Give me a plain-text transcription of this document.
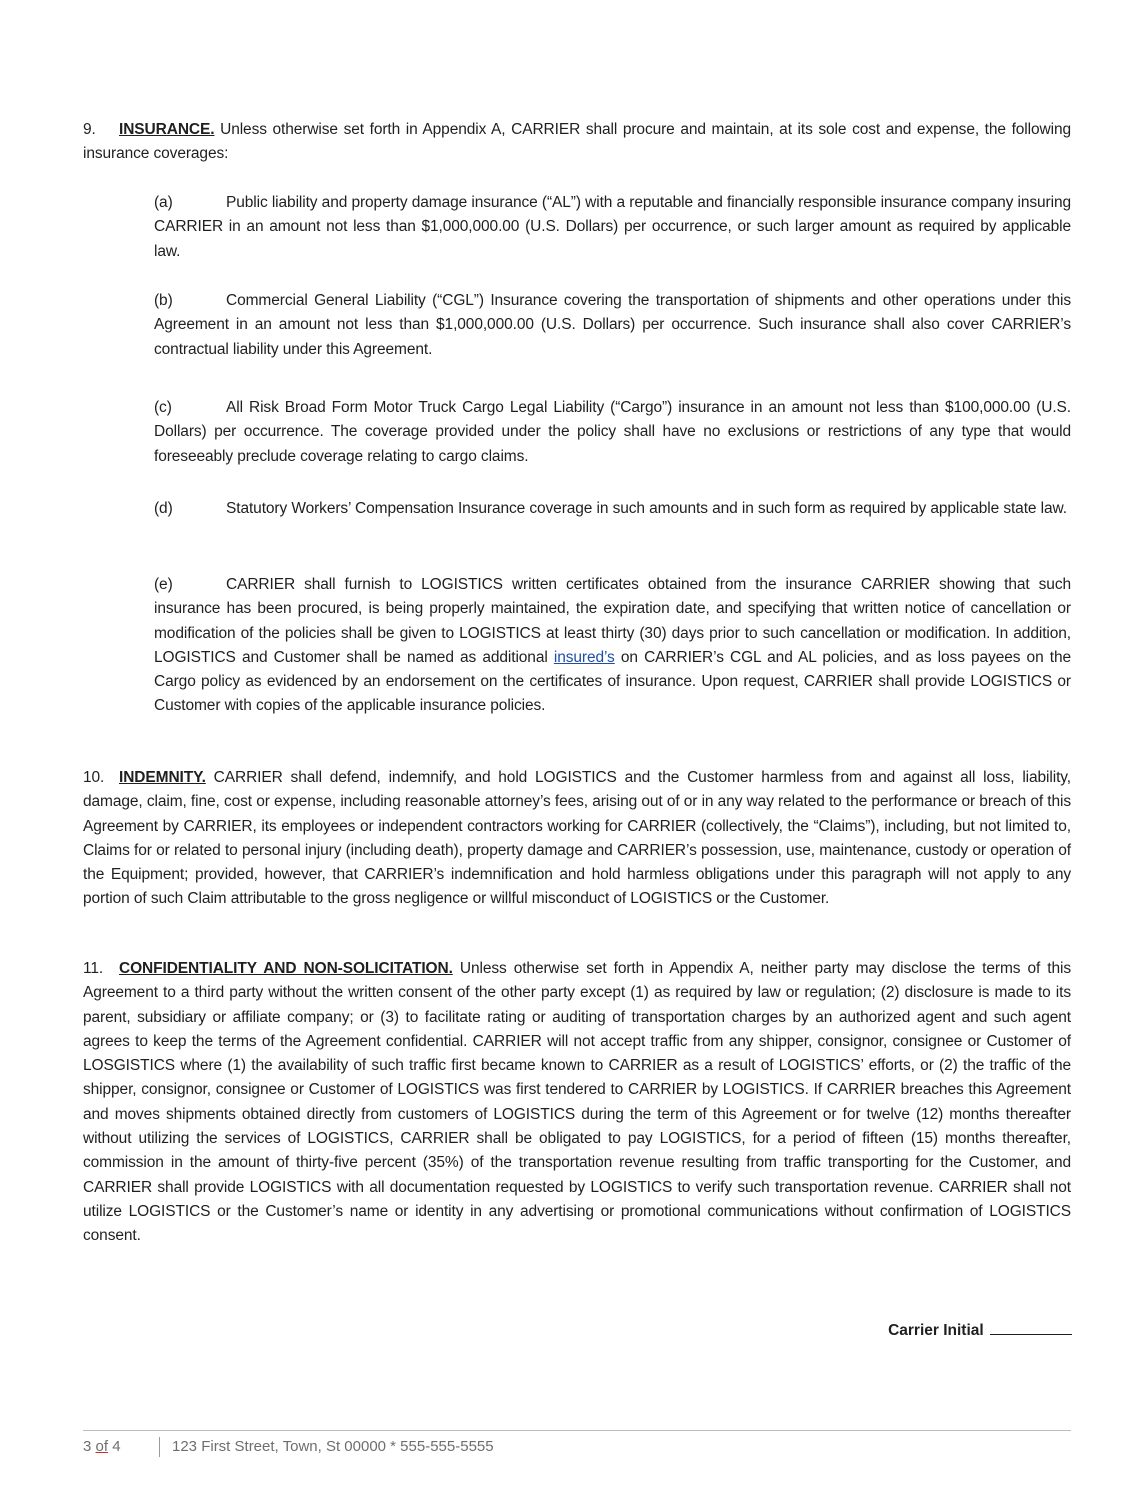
9. INSURANCE. Unless otherwise set forth in Appendix A, CARRIER shall procure and maintain, at its sole cost and expense, the following insurance coverages:
(a)	Public liability and property damage insurance (“AL”) with a reputable and financially responsible insurance company insuring CARRIER in an amount not less than $1,000,000.00 (U.S. Dollars) per occurrence, or such larger amount as required by applicable law.
(b)	Commercial General Liability (“CGL”) Insurance covering the transportation of shipments and other operations under this Agreement in an amount not less than $1,000,000.00 (U.S. Dollars) per occurrence. Such insurance shall also cover CARRIER’s contractual liability under this Agreement.
(c)	All Risk Broad Form Motor Truck Cargo Legal Liability (“Cargo”) insurance in an amount not less than $100,000.00 (U.S. Dollars) per occurrence. The coverage provided under the policy shall have no exclusions or restrictions of any type that would foreseeably preclude coverage relating to cargo claims.
(d)	Statutory Workers’ Compensation Insurance coverage in such amounts and in such form as required by applicable state law.
(e)	CARRIER shall furnish to LOGISTICS written certificates obtained from the insurance CARRIER showing that such insurance has been procured, is being properly maintained, the expiration date, and specifying that written notice of cancellation or modification of the policies shall be given to LOGISTICS at least thirty (30) days prior to such cancellation or modification. In addition, LOGISTICS and Customer shall be named as additional insured’s on CARRIER’s CGL and AL policies, and as loss payees on the Cargo policy as evidenced by an endorsement on the certificates of insurance. Upon request, CARRIER shall provide LOGISTICS or Customer with copies of the applicable insurance policies.
10. INDEMNITY. CARRIER shall defend, indemnify, and hold LOGISTICS and the Customer harmless from and against all loss, liability, damage, claim, fine, cost or expense, including reasonable attorney’s fees, arising out of or in any way related to the performance or breach of this Agreement by CARRIER, its employees or independent contractors working for CARRIER (collectively, the “Claims”), including, but not limited to, Claims for or related to personal injury (including death), property damage and CARRIER’s possession, use, maintenance, custody or operation of the Equipment; provided, however, that CARRIER’s indemnification and hold harmless obligations under this paragraph will not apply to any portion of such Claim attributable to the gross negligence or willful misconduct of LOGISTICS or the Customer.
11. CONFIDENTIALITY AND NON-SOLICITATION. Unless otherwise set forth in Appendix A, neither party may disclose the terms of this Agreement to a third party without the written consent of the other party except (1) as required by law or regulation; (2) disclosure is made to its parent, subsidiary or affiliate company; or (3) to facilitate rating or auditing of transportation charges by an authorized agent and such agent agrees to keep the terms of the Agreement confidential. CARRIER will not accept traffic from any shipper, consignor, consignee or Customer of LOSGISTICS where (1) the availability of such traffic first became known to CARRIER as a result of LOGISTICS’ efforts, or (2) the traffic of the shipper, consignor, consignee or Customer of LOGISTICS was first tendered to CARRIER by LOGISTICS. If CARRIER breaches this Agreement and moves shipments obtained directly from customers of LOGISTICS during the term of this Agreement or for twelve (12) months thereafter without utilizing the services of LOGISTICS, CARRIER shall be obligated to pay LOGISTICS, for a period of fifteen (15) months thereafter, commission in the amount of thirty-five percent (35%) of the transportation revenue resulting from traffic transporting for the Customer, and CARRIER shall provide LOGISTICS with all documentation requested by LOGISTICS to verify such transportation revenue. CARRIER shall not utilize LOGISTICS or the Customer’s name or identity in any advertising or promotional communications without confirmation of LOGISTICS consent.
Carrier Initial
3 of 4	123 First Street, Town, St 00000 * 555-555-5555
